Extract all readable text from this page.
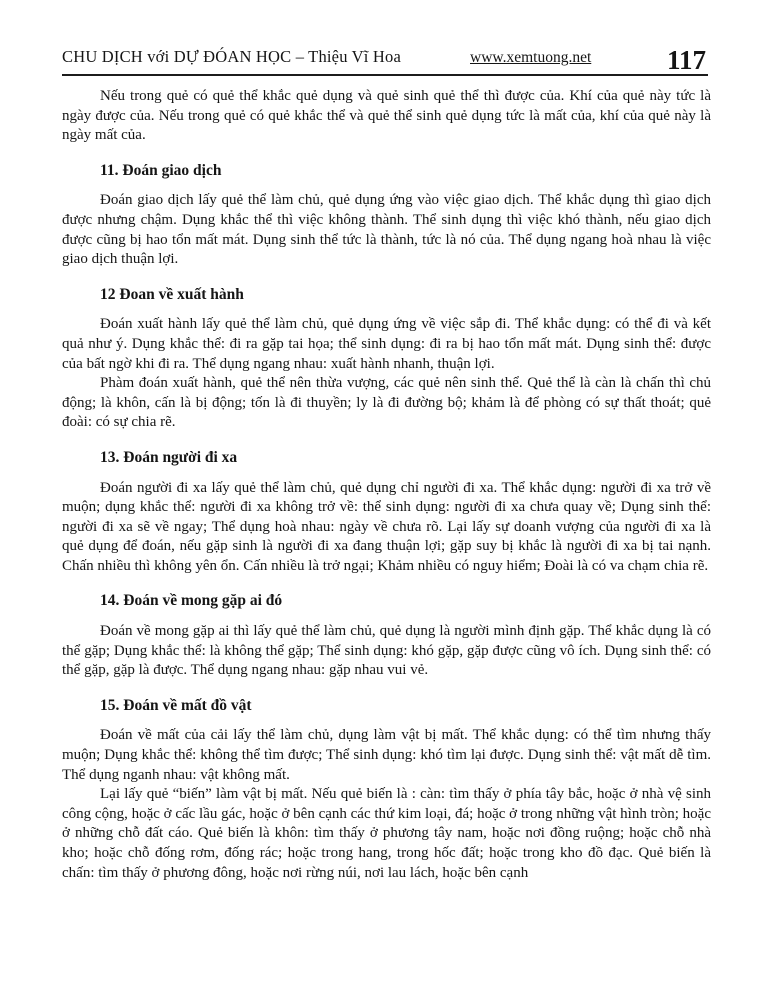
CHU DỊCH với DỰ ĐÓAN HỌC – Thiệu Vĩ Hoa	www.xemtuong.net	117

Nếu trong quẻ có quẻ thể khắc quẻ dụng và quẻ sinh quẻ thể thì được của. Khí của quẻ này tức là ngày được của. Nếu trong quẻ có quẻ khắc thể và quẻ thể sinh quẻ dụng tức là mất của, khí của quẻ này là ngày mất của.

11. Đoán giao dịch

Đoán giao dịch lấy quẻ thể làm chủ, quẻ dụng ứng vào việc giao dịch. Thể khắc dụng thì giao dịch được nhưng chậm. Dụng khắc thể thì việc không thành. Thể sinh dụng thì việc khó thành, nếu giao dịch được cũng bị hao tổn mất mát. Dụng sinh thể tức là thành, tức là nó của. Thể dụng ngang hoà nhau là việc giao dịch thuận lợi.

12 Đoan về xuất hành

Đoán xuất hành lấy quẻ thể làm chủ, quẻ dụng ứng về việc sắp đi. Thể khắc dụng: có thể đi và kết quả như ý. Dụng khắc thể: đi ra gặp tai họa; thể sinh dụng: đi ra bị hao tổn mất mát. Dụng sinh thể: được của bất ngờ khi đi ra. Thể dụng ngang nhau: xuất hành nhanh, thuận lợi.

Phàm đoán xuất hành, quẻ thể nên thừa vượng, các quẻ nên sinh thể. Quẻ thể là càn là chấn thì chủ động; là khôn, cấn là bị động; tốn là đi thuyền; ly là đi đường bộ; khảm là để phòng có sự thất thoát; quẻ đoài: có sự chia rẽ.

13. Đoán người đi xa

Đoán người đi xa lấy quẻ thể làm chủ, quẻ dụng chỉ người đi xa. Thể khắc dụng: người đi xa trở về muộn; dụng khắc thể: người đi xa không trở về: thể sinh dụng: người đi xa chưa quay về; Dụng sinh thể: người đi xa sẽ về ngay; Thể dụng hoà nhau: ngày về chưa rõ. Lại lấy sự doanh vượng của người đi xa là quẻ dụng để đoán, nếu gặp sinh là người đi xa đang thuận lợi; gặp suy bị khắc là người đi xa bị tai nạnh. Chấn nhiều thì không yên ổn. Cấn nhiều là trở ngại; Khảm nhiều có nguy hiểm; Đoài là có va chạm chia rẽ.

14. Đoán về mong gặp ai đó

Đoán về mong gặp ai thì lấy quẻ thể làm chủ, quẻ dụng là người mình định gặp. Thể khắc dụng là có thể gặp; Dụng khắc thể: là không thể gặp; Thể sinh dụng: khó gặp, gặp được cũng vô ích. Dụng sinh thể: có thể gặp, gặp là được. Thể dụng ngang nhau: gặp nhau vui vẻ.

15. Đoán về mất đồ vật

Đoán về mất của cải lấy thể làm chủ, dụng làm vật bị mất. Thể khắc dụng: có thể tìm nhưng thấy muộn; Dụng khắc thể: không thể tìm được; Thể sinh dụng: khó tìm lại được. Dụng sinh thể: vật mất dễ tìm. Thể dụng nganh nhau: vật không mất.

Lại lấy quẻ “biến” làm vật bị mất. Nếu quẻ biến là : càn: tìm thấy ở phía tây bắc, hoặc ở nhà vệ sinh công cộng, hoặc ở cấc lầu gác, hoặc ở bên cạnh các thứ kim loại, đá; hoặc ở trong những vật hình tròn; hoặc ở những chỗ đất cáo. Quẻ biến là khôn: tìm thấy ở phương tây nam, hoặc nơi đồng ruộng; hoặc chỗ nhà kho; hoặc chỗ đống rơm, đống rác; hoặc trong hang, trong hốc đất; hoặc trong kho đồ đạc. Quẻ biến là chấn: tìm thấy ở phương đông, hoặc nơi rừng núi, nơi lau lách, hoặc bên cạnh
